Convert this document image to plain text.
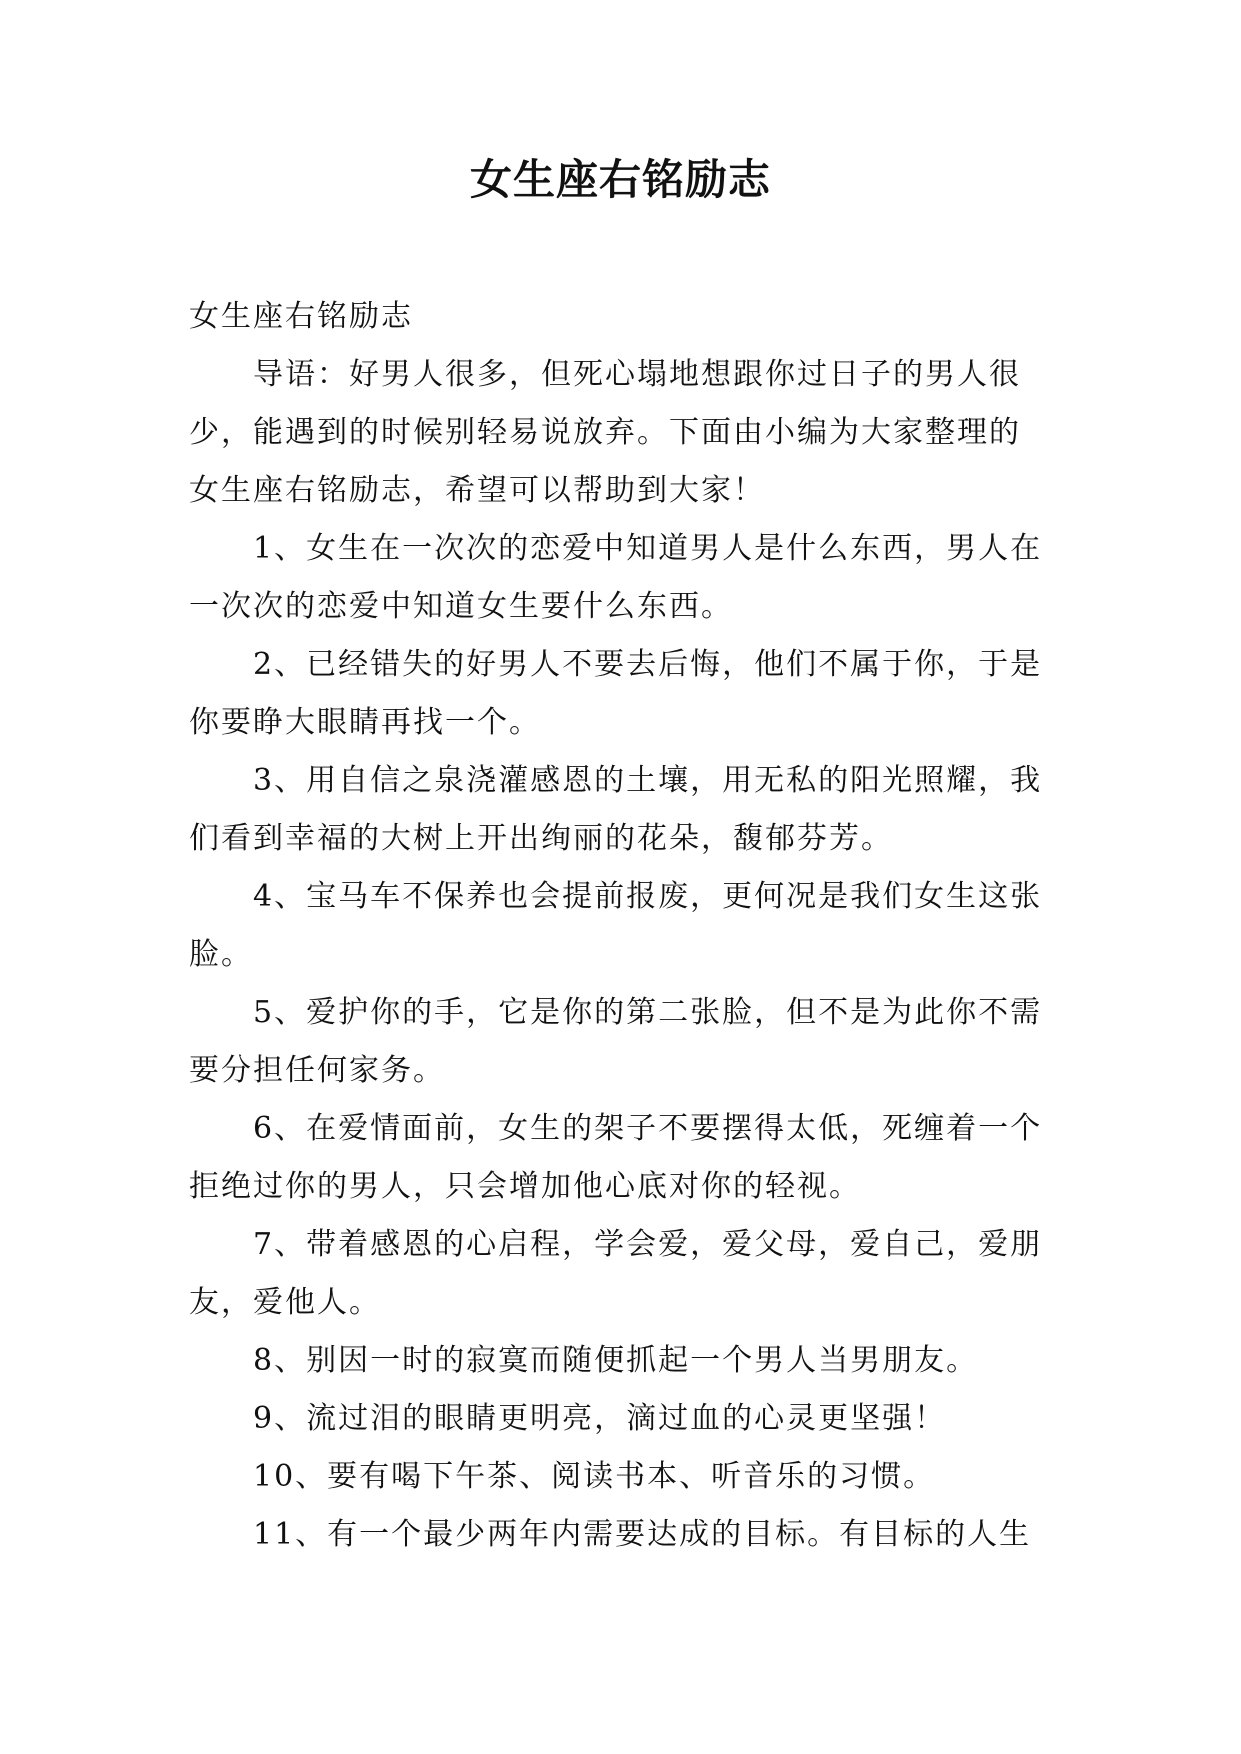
女生座右铭励志

女生座右铭励志

导语：好男人很多，但死心塌地想跟你过日子的男人很少，能遇到的时候别轻易说放弃。下面由小编为大家整理的女生座右铭励志，希望可以帮助到大家！

1、女生在一次次的恋爱中知道男人是什么东西，男人在一次次的恋爱中知道女生要什么东西。

2、已经错失的好男人不要去后悔，他们不属于你，于是你要睁大眼睛再找一个。

3、用自信之泉浇灌感恩的土壤，用无私的阳光照耀，我们看到幸福的大树上开出绚丽的花朵，馥郁芬芳。

4、宝马车不保养也会提前报废，更何况是我们女生这张脸。

5、爱护你的手，它是你的第二张脸，但不是为此你不需要分担任何家务。

6、在爱情面前，女生的架子不要摆得太低，死缠着一个拒绝过你的男人，只会增加他心底对你的轻视。

7、带着感恩的心启程，学会爱，爱父母，爱自己，爱朋友，爱他人。

8、别因一时的寂寞而随便抓起一个男人当男朋友。

9、流过泪的眼睛更明亮，滴过血的心灵更坚强！

10、要有喝下午茶、阅读书本、听音乐的习惯。

11、有一个最少两年内需要达成的目标。有目标的人生
